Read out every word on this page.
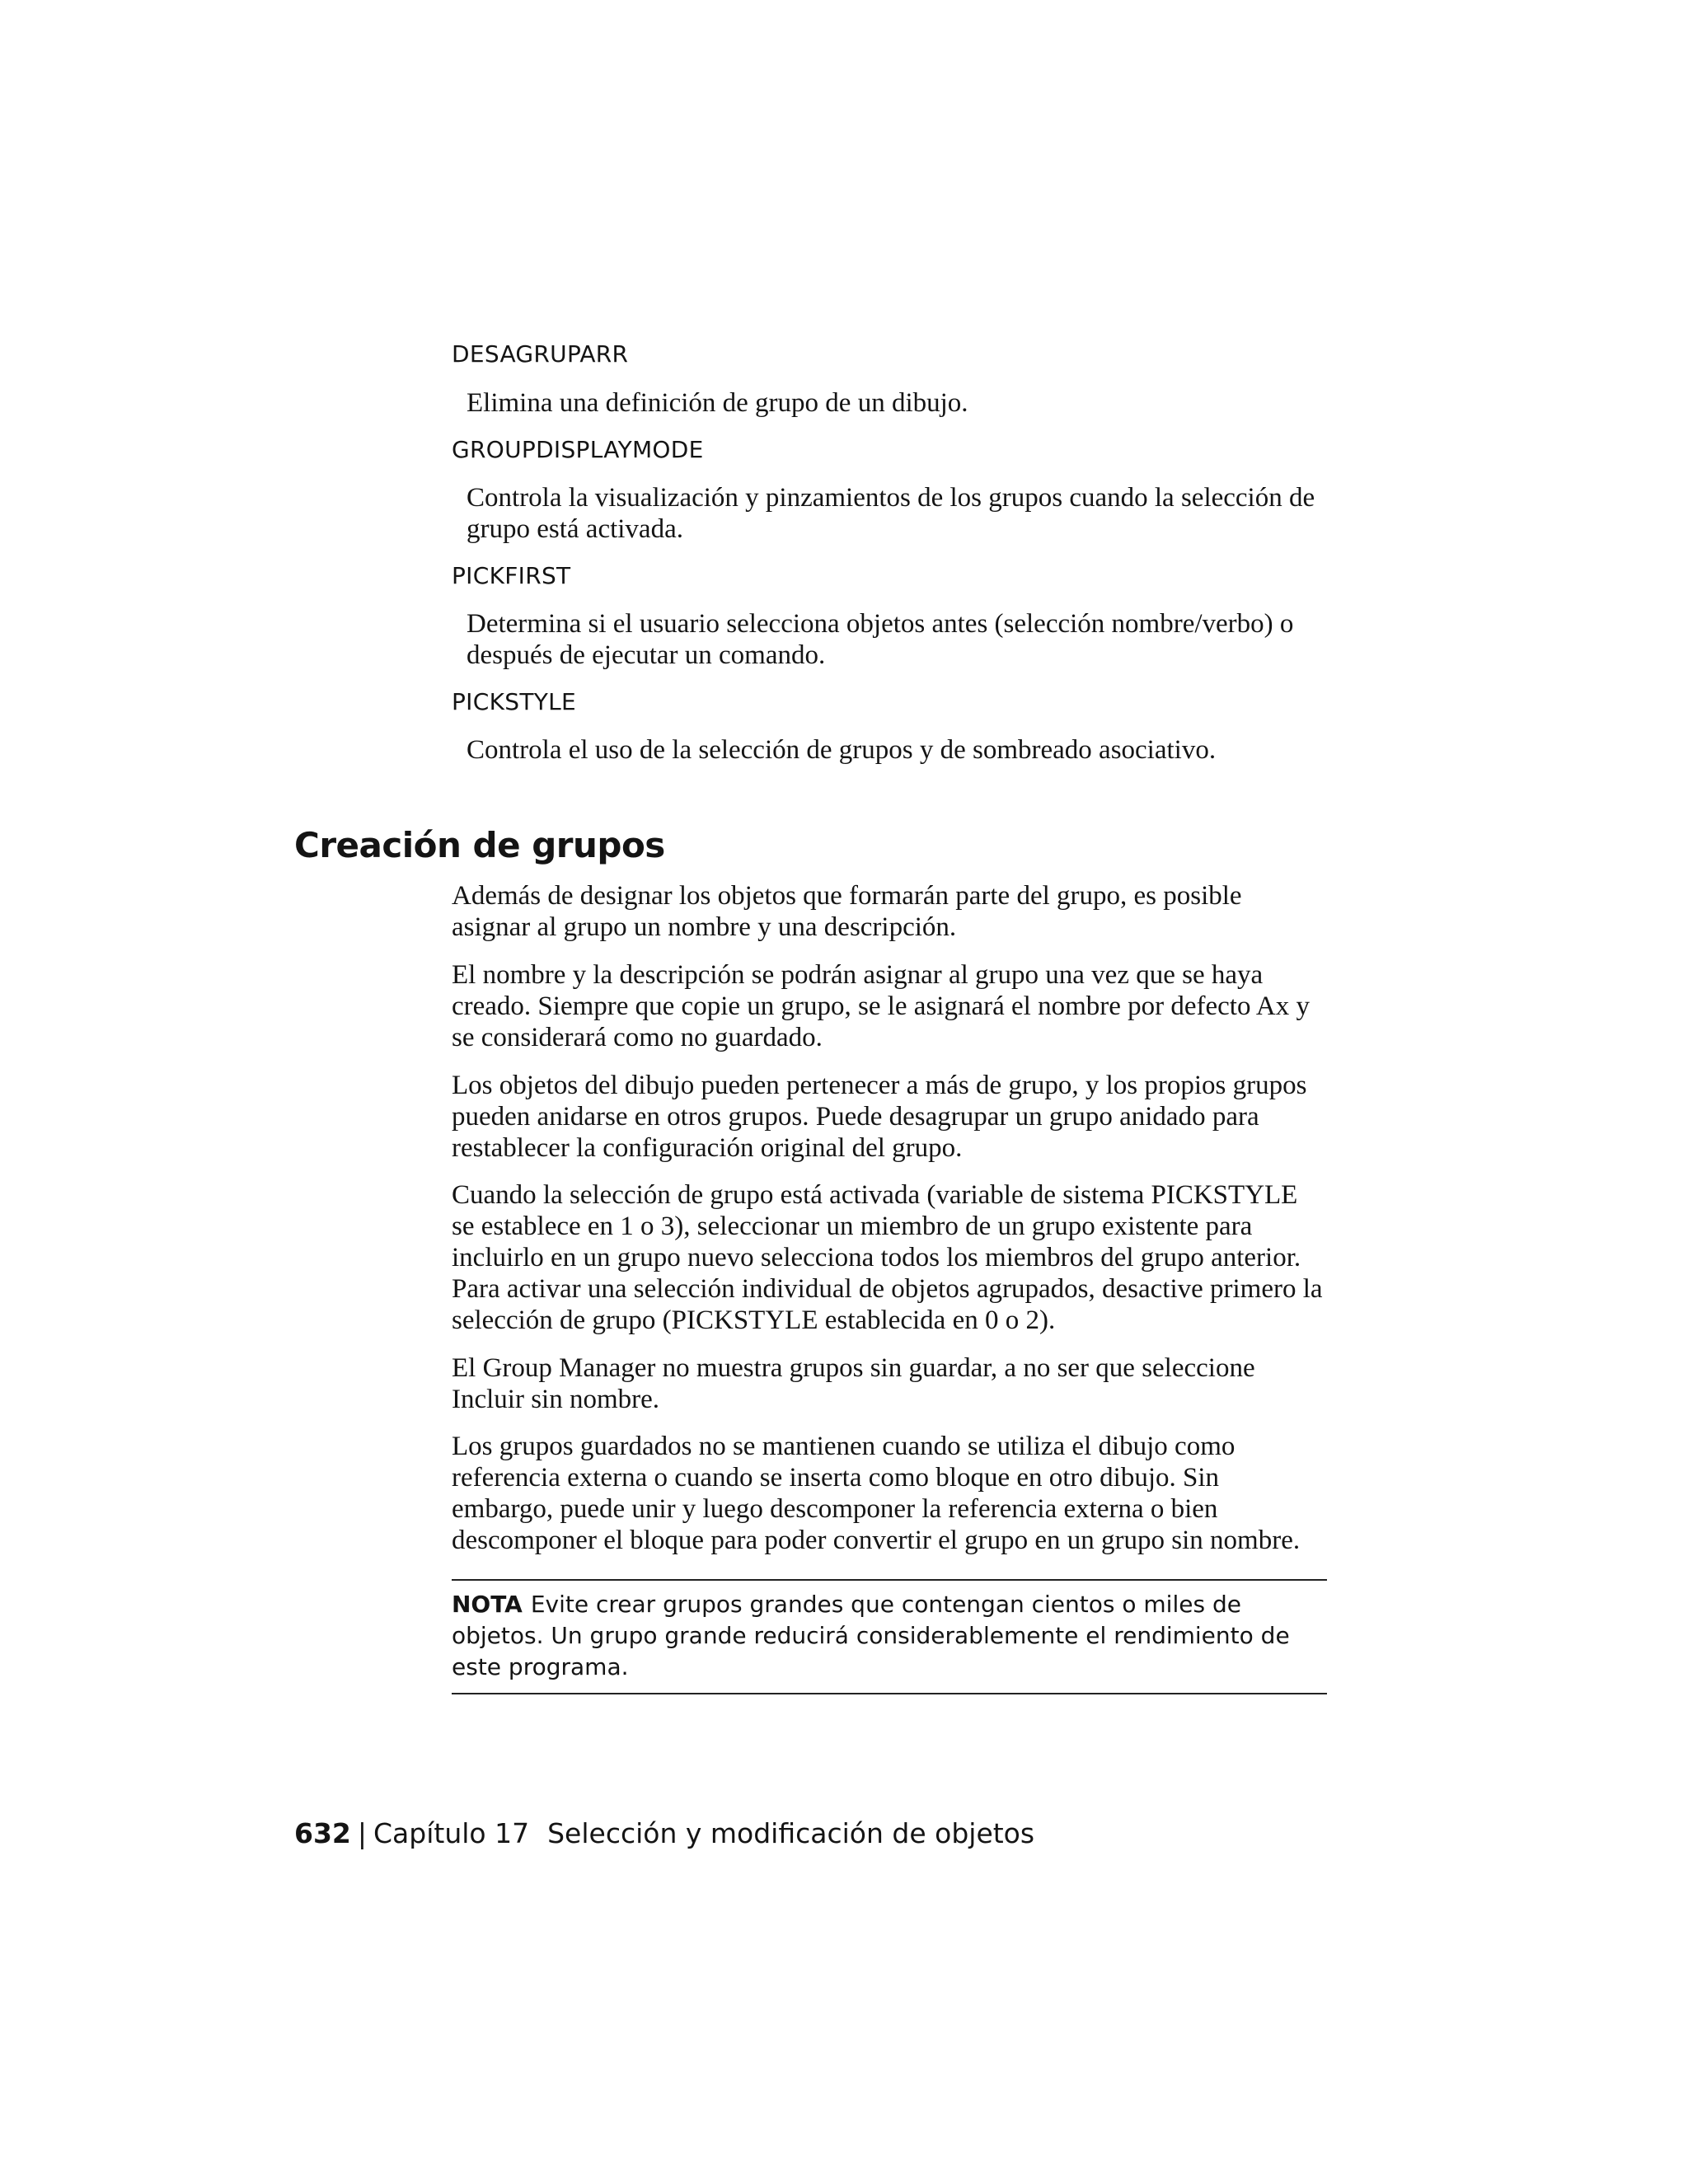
DESAGRUPARR

Elimina una definición de grupo de un dibujo.

GROUPDISPLAYMODE

Controla la visualización y pinzamientos de los grupos cuando la selección de grupo está activada.

PICKFIRST

Determina si el usuario selecciona objetos antes (selección nombre/verbo) o después de ejecutar un comando.

PICKSTYLE

Controla el uso de la selección de grupos y de sombreado asociativo.

Creación de grupos

Además de designar los objetos que formarán parte del grupo, es posible asignar al grupo un nombre y una descripción.

El nombre y la descripción se podrán asignar al grupo una vez que se haya creado. Siempre que copie un grupo, se le asignará el nombre por defecto Ax y se considerará como no guardado.

Los objetos del dibujo pueden pertenecer a más de grupo, y los propios grupos pueden anidarse en otros grupos. Puede desagrupar un grupo anidado para restablecer la configuración original del grupo.

Cuando la selección de grupo está activada (variable de sistema PICKSTYLE se establece en 1 o 3), seleccionar un miembro de un grupo existente para incluirlo en un grupo nuevo selecciona todos los miembros del grupo anterior. Para activar una selección individual de objetos agrupados, desactive primero la selección de grupo (PICKSTYLE establecida en 0 o 2).

El Group Manager no muestra grupos sin guardar, a no ser que seleccione Incluir sin nombre.

Los grupos guardados no se mantienen cuando se utiliza el dibujo como referencia externa o cuando se inserta como bloque en otro dibujo. Sin embargo, puede unir y luego descomponer la referencia externa o bien descomponer el bloque para poder convertir el grupo en un grupo sin nombre.

NOTA Evite crear grupos grandes que contengan cientos o miles de objetos. Un grupo grande reducirá considerablemente el rendimiento de este programa.

632 | Capítulo 17 Selección y modificación de objetos
